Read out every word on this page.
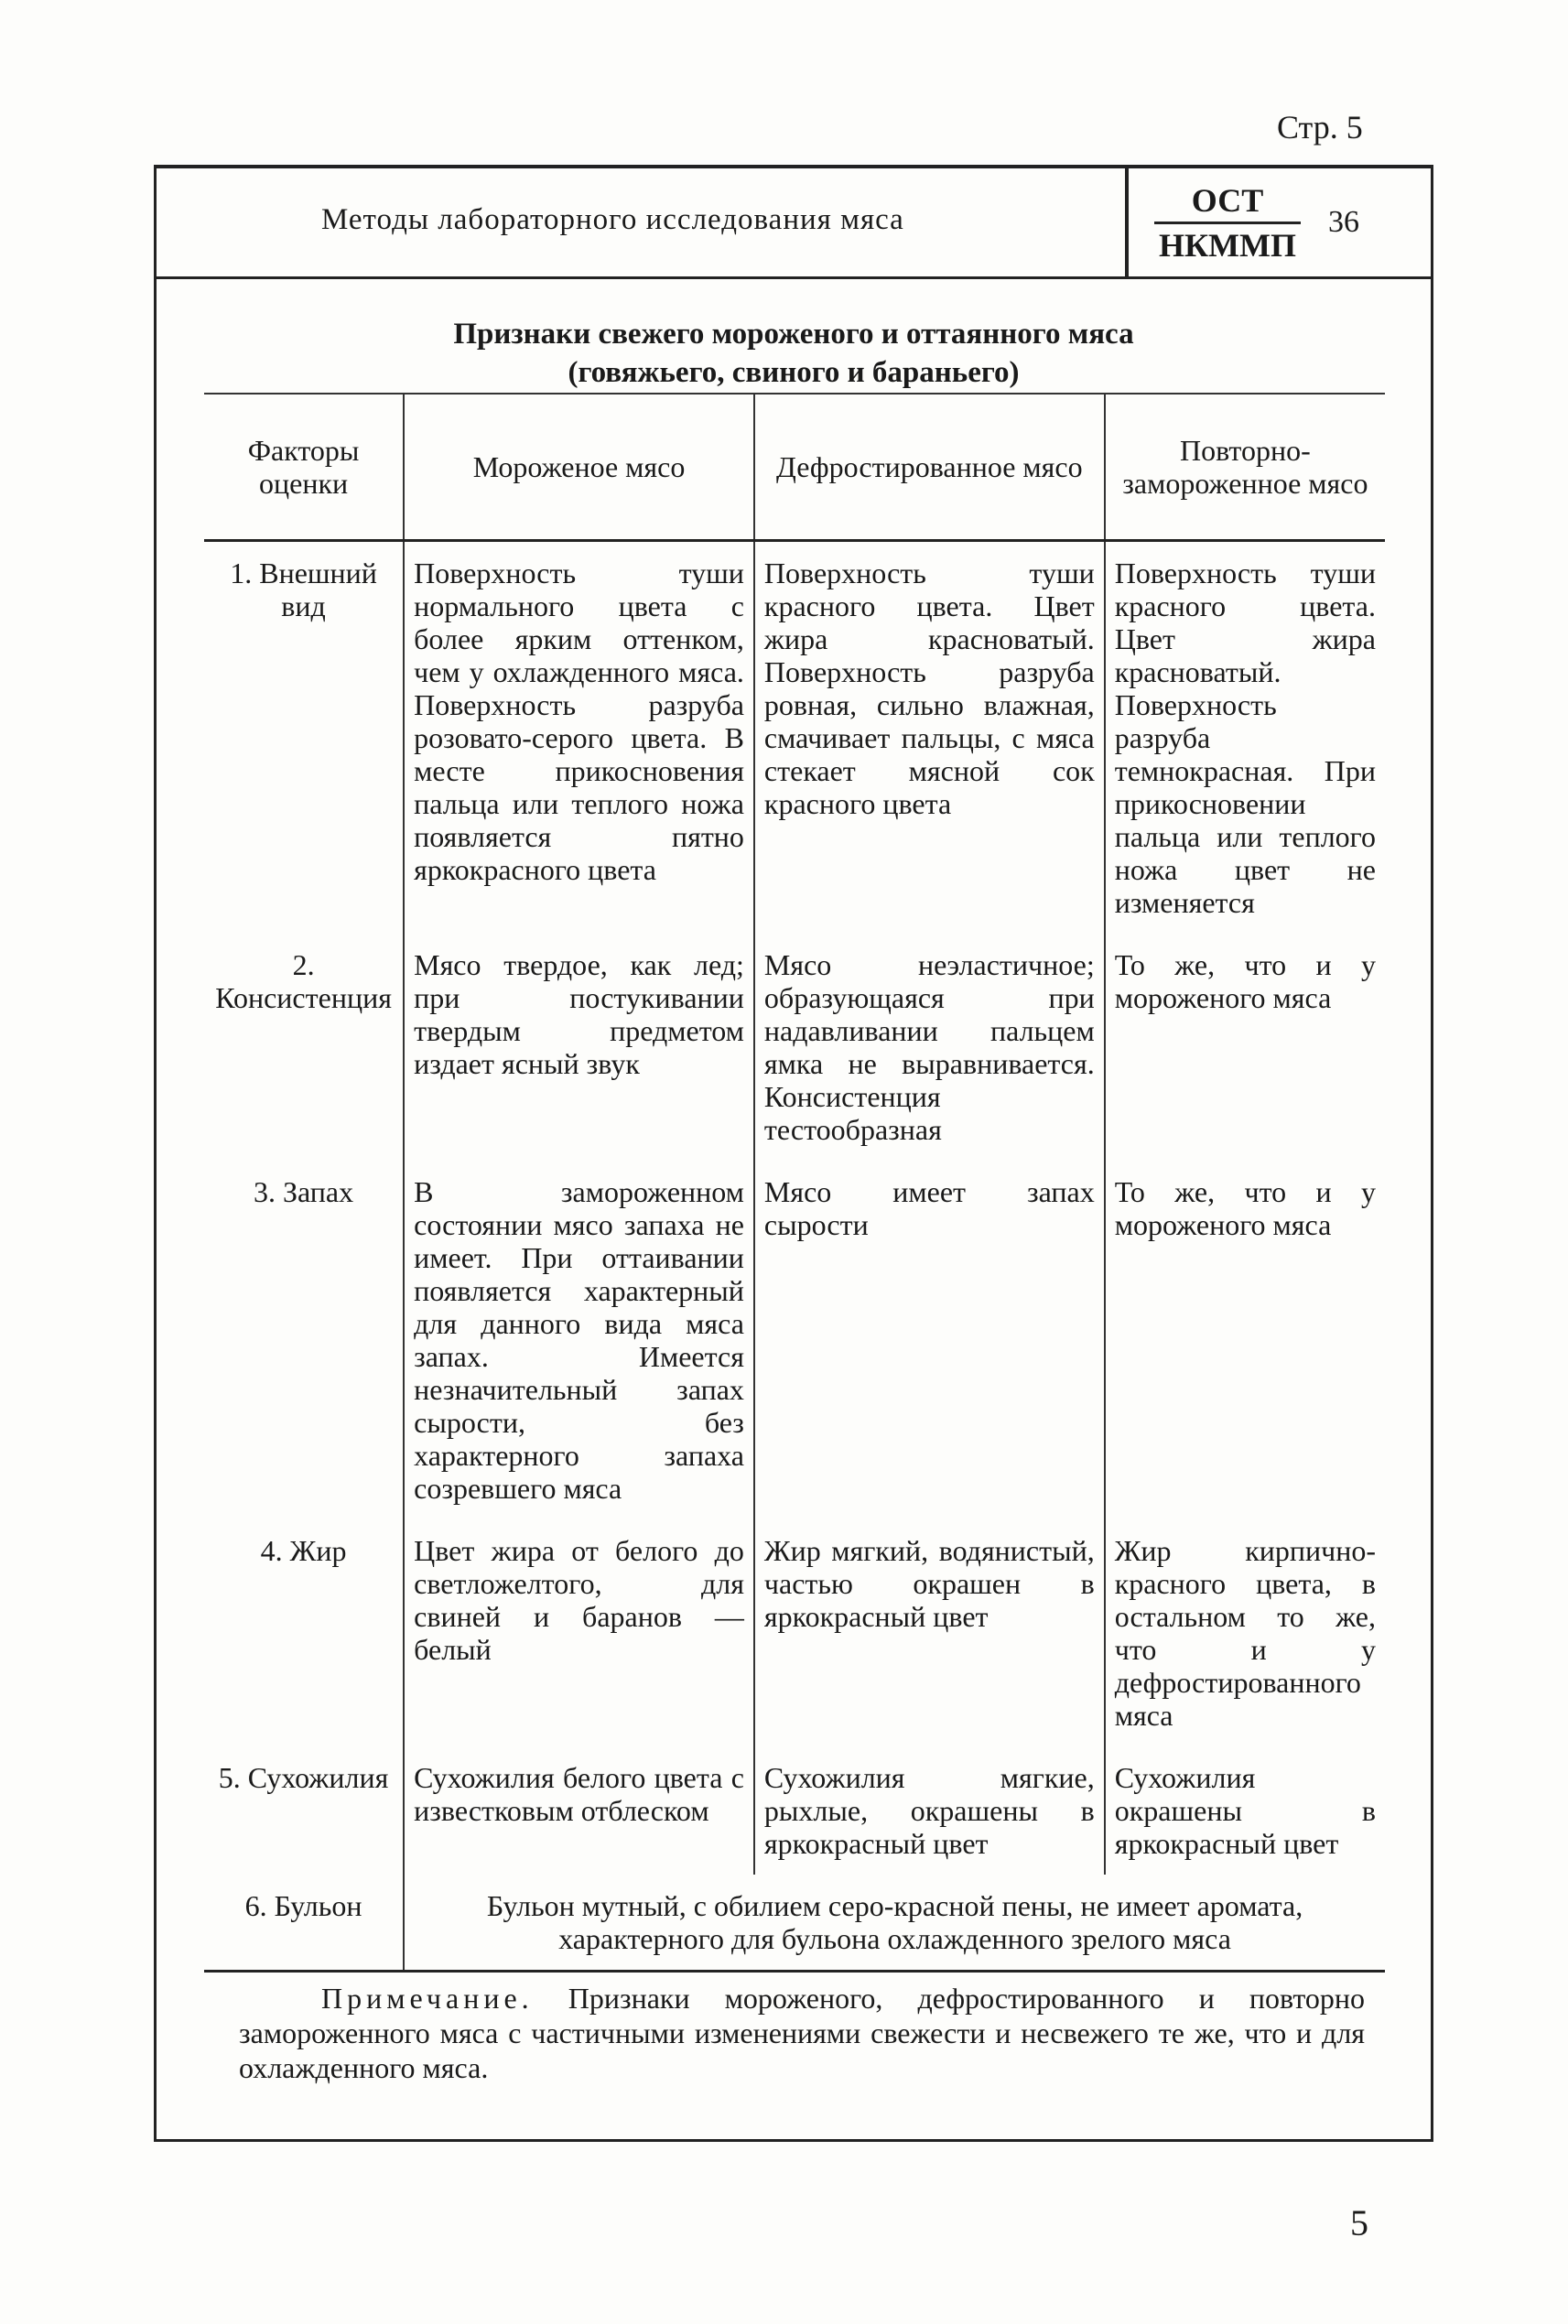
Стр. 5
Методы лабораторного исследования мяса
ОСТ
НКММП
36
Признаки свежего мороженого и оттаянного мяса
(говяжьего, свиного и бараньего)
Факторы оценки	Мороженое мясо	Дефростированное мясо	Повторно-замороженное мясо
1. Внешний вид	Поверхность туши нормального цвета с более ярким оттенком, чем у охлажденного мяса. Поверхность разруба розовато-серого цвета. В месте прикосновения пальца или теплого ножа появляется пятно яркокрасного цвета	Поверхность туши красного цвета. Цвет жира красноватый. Поверхность разруба ровная, сильно влажная, смачивает пальцы, с мяса стекает мясной сок красного цвета	Поверхность туши красного цвета. Цвет жира красноватый. Поверхность разруба темнокрасная. При прикосновении пальца или теплого ножа цвет не изменяется
2. Консистенция	Мясо твердое, как лед; при постукивании твердым предметом издает ясный звук	Мясо неэластичное; образующаяся при надавливании пальцем ямка не выравнивается. Консистенция тестообразная	То же, что и у мороженого мяса
3. Запах	В замороженном состоянии мясо запаха не имеет. При оттаивании появляется характерный для данного вида мяса запах. Имеется незначительный запах сырости, без характерного запаха созревшего мяса	Мясо имеет запах сырости	То же, что и у мороженого мяса
4. Жир	Цвет жира от белого до светложелтого, для свиней и баранов — белый	Жир мягкий, водянистый, частью окрашен в яркокрасный цвет	Жир кирпично-красного цвета, в остальном то же, что и у дефростированного мяса
5. Сухожилия	Сухожилия белого цвета с известковым отблеском	Сухожилия мягкие, рыхлые, окрашены в яркокрасный цвет	Сухожилия окрашены в яркокрасный цвет
6. Бульон	Бульон мутный, с обилием серо-красной пены, не имеет аромата, характерного для бульона охлажденного зрелого мяса		
Примечание. Признаки мороженого, дефростированного и повторно замороженного мяса с частичными изменениями свежести и несвежего те же, что и для охлажденного мяса.
5
